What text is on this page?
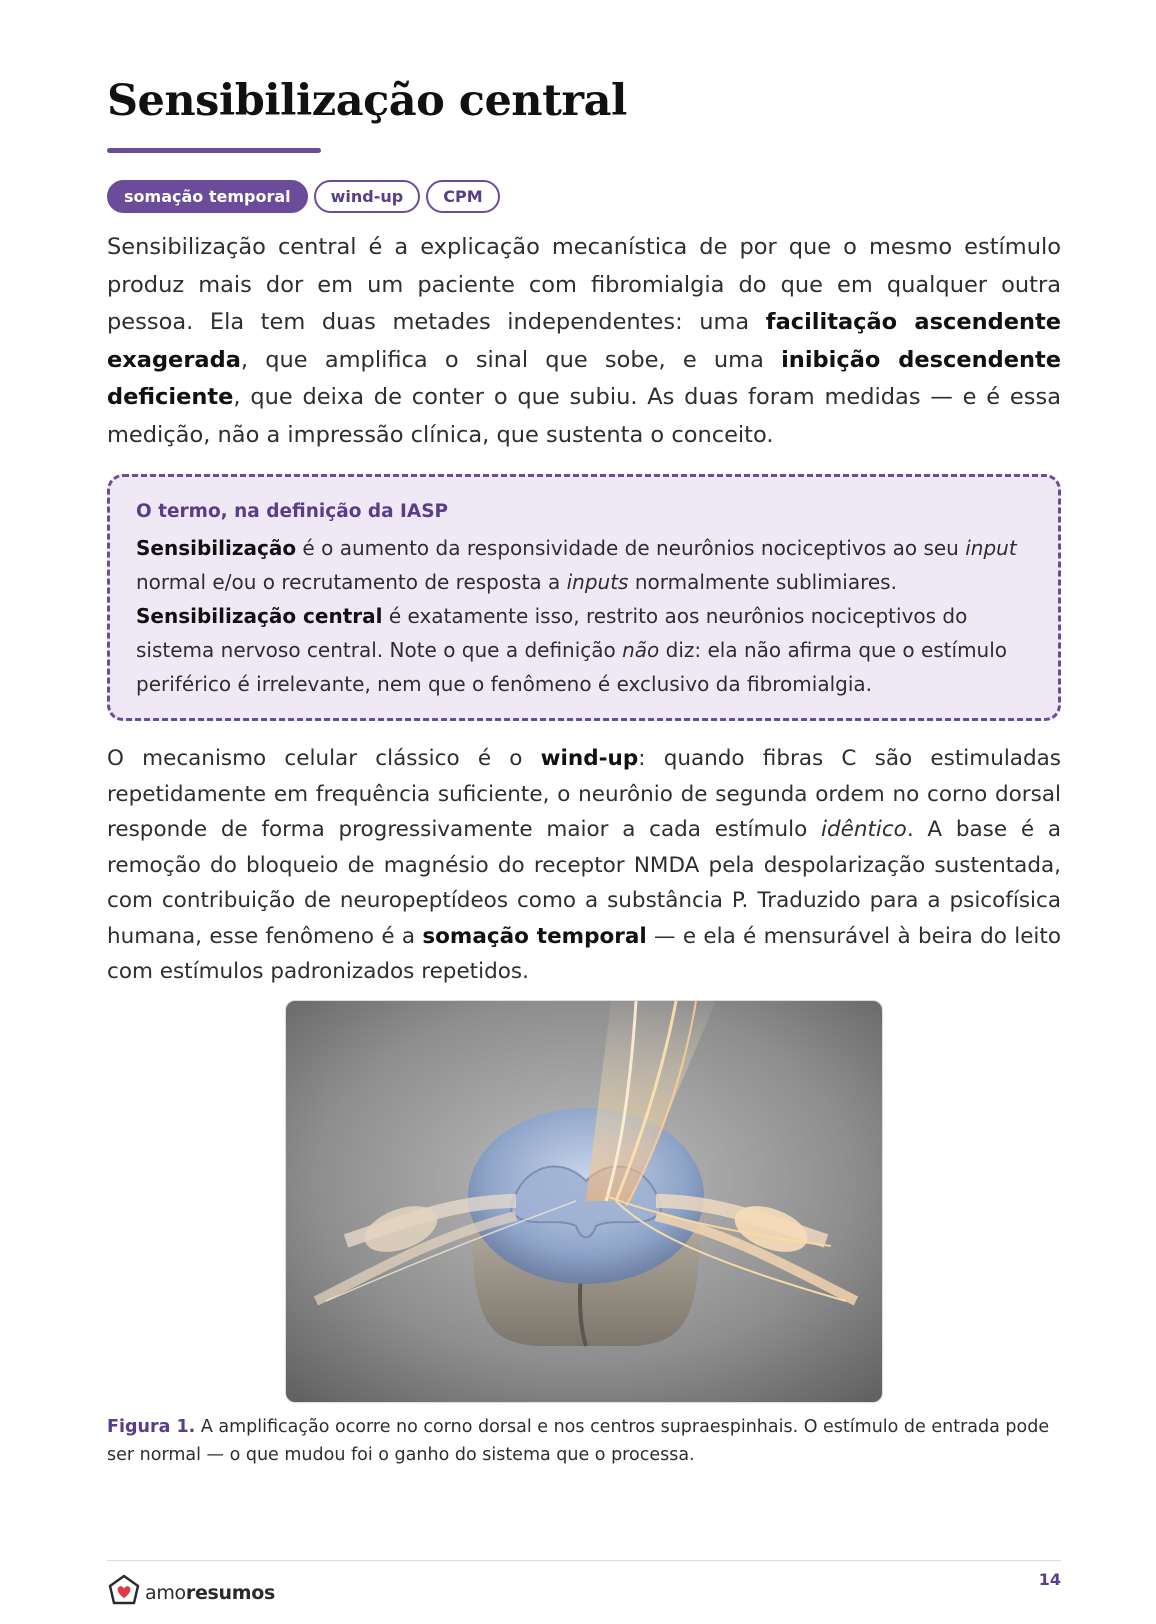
Sensibilização central
somação temporal	wind-up	CPM

Sensibilização central é a explicação mecanística de por que o mesmo estímulo produz mais dor em um paciente com fibromialgia do que em qualquer outra pessoa. Ela tem duas metades independentes: uma facilitação ascendente exagerada, que amplifica o sinal que sobe, e uma inibição descendente deficiente, que deixa de conter o que subiu. As duas foram medidas — e é essa medição, não a impressão clínica, que sustenta o conceito.

O termo, na definição da IASP

Sensibilização é o aumento da responsividade de neurônios nociceptivos ao seu input normal e/ou o recrutamento de resposta a inputs normalmente sublimiares.
Sensibilização central é exatamente isso, restrito aos neurônios nociceptivos do sistema nervoso central. Note o que a definição não diz: ela não afirma que o estímulo periférico é irrelevante, nem que o fenômeno é exclusivo da fibromialgia.

O mecanismo celular clássico é o wind-up: quando fibras C são estimuladas repetidamente em frequência suficiente, o neurônio de segunda ordem no corno dorsal responde de forma progressivamente maior a cada estímulo idêntico. A base é a remoção do bloqueio de magnésio do receptor NMDA pela despolarização sustentada, com contribuição de neuropeptídeos como a substância P. Traduzido para a psicofísica humana, esse fenômeno é a somação temporal — e ela é mensurável à beira do leito com estímulos padronizados repetidos.

Figura 1. A amplificação ocorre no corno dorsal e nos centros supraespinhais. O estímulo de entrada pode ser normal — o que mudou foi o ganho do sistema que o processa.

amoresumos
14
